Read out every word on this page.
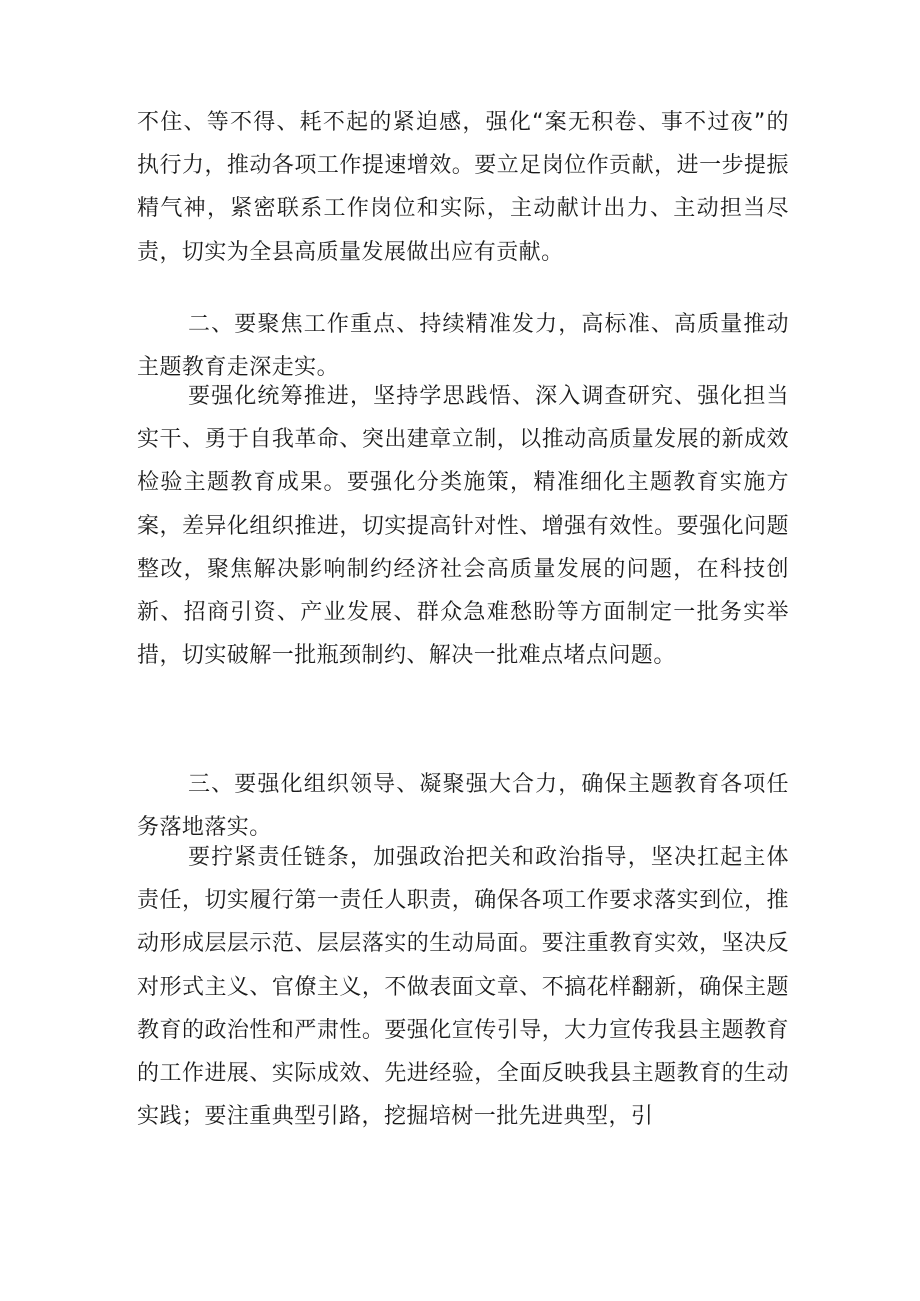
不住、等不得、耗不起的紧迫感，强化“案无积卷、事不过夜”的执行力，推动各项工作提速增效。要立足岗位作贡献，进一步提振精气神，紧密联系工作岗位和实际，主动献计出力、主动担当尽责，切实为全县高质量发展做出应有贡献。

二、要聚焦工作重点、持续精准发力，高标准、高质量推动主题教育走深走实。

要强化统筹推进，坚持学思践悟、深入调查研究、强化担当实干、勇于自我革命、突出建章立制，以推动高质量发展的新成效检验主题教育成果。要强化分类施策，精准细化主题教育实施方案，差异化组织推进，切实提高针对性、增强有效性。要强化问题整改，聚焦解决影响制约经济社会高质量发展的问题，在科技创新、招商引资、产业发展、群众急难愁盼等方面制定一批务实举措，切实破解一批瓶颈制约、解决一批难点堵点问题。

三、要强化组织领导、凝聚强大合力，确保主题教育各项任务落地落实。

要拧紧责任链条，加强政治把关和政治指导，坚决扛起主体责任，切实履行第一责任人职责，确保各项工作要求落实到位，推动形成层层示范、层层落实的生动局面。要注重教育实效，坚决反对形式主义、官僚主义，不做表面文章、不搞花样翻新，确保主题教育的政治性和严肃性。要强化宣传引导，大力宣传我县主题教育的工作进展、实际成效、先进经验，全面反映我县主题教育的生动实践；要注重典型引路，挖掘培树一批先进典型，引
